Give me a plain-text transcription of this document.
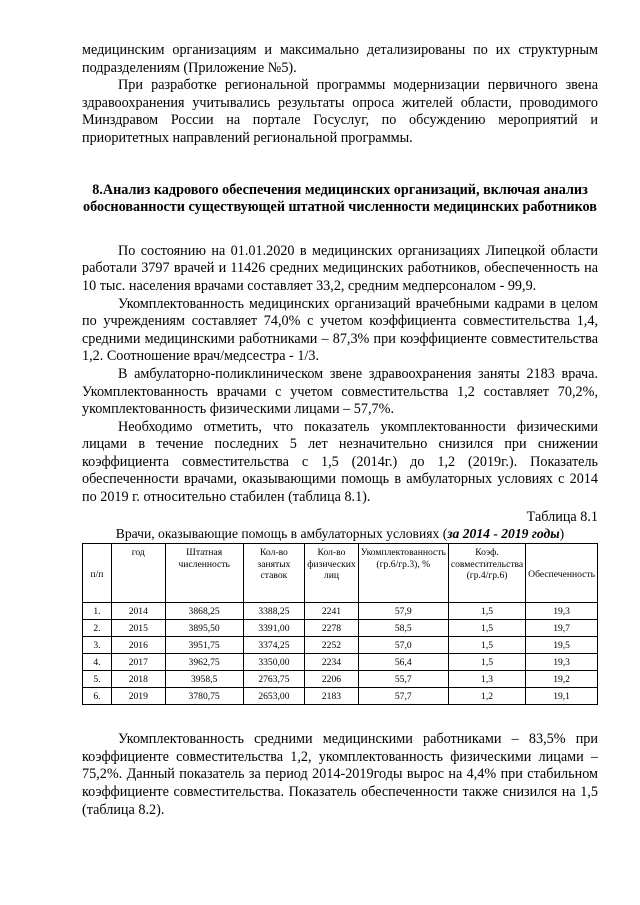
медицинским организациям и максимально детализированы по их структурным подразделениям (Приложение №5).

При разработке региональной программы модернизации первичного звена здравоохранения учитывались результаты опроса жителей области, проводимого Минздравом России на портале Госуслуг, по обсуждению мероприятий и приоритетных направлений региональной программы.

8.Анализ кадрового обеспечения медицинских организаций, включая анализ обоснованности существующей штатной численности медицинских работников

По состоянию на 01.01.2020 в медицинских организациях Липецкой области работали 3797 врачей и 11426 средних медицинских работников, обеспеченность на 10 тыс. населения врачами составляет 33,2, средним медперсоналом - 99,9.

Укомплектованность медицинских организаций врачебными кадрами в целом по учреждениям составляет 74,0% с учетом коэффициента совместительства 1,4, средними медицинскими работниками – 87,3% при коэффициенте совместительства 1,2. Соотношение врач/медсестра - 1/3.

В амбулаторно-поликлиническом звене здравоохранения заняты 2183 врача. Укомплектованность врачами с учетом совместительства 1,2 составляет 70,2%, укомплектованность физическими лицами – 57,7%.

Необходимо отметить, что показатель укомплектованности физическими лицами в течение последних 5 лет незначительно снизился при снижении коэффициента совместительства с 1,5 (2014г.) до 1,2 (2019г.). Показатель обеспеченности врачами, оказывающими помощь в амбулаторных условиях с 2014 по 2019 г. относительно стабилен (таблица 8.1).

Таблица 8.1
Врачи, оказывающие помощь в амбулаторных условиях (за 2014 - 2019 годы)
п/п	год	Штатная численность	Кол-во занятых ставок	Кол-во физических лиц	Укомплектованность (гр.6/гр.3), %	Коэф. совместительства (гр.4/гр.6)	Обеспеченность
1.	2014	3868,25	3388,25	2241	57,9	1,5	19,3
2.	2015	3895,50	3391,00	2278	58,5	1,5	19,7
3.	2016	3951,75	3374,25	2252	57,0	1,5	19,5
4.	2017	3962,75	3350,00	2234	56,4	1,5	19,3
5.	2018	3958,5	2763,75	2206	55,7	1,3	19,2
6.	2019	3780,75	2653,00	2183	57,7	1,2	19,1

Укомплектованность средними медицинскими работниками – 83,5% при коэффициенте совместительства 1,2, укомплектованность физическими лицами – 75,2%. Данный показатель за период 2014-2019годы вырос на 4,4% при стабильном коэффициенте совместительства. Показатель обеспеченности также снизился на 1,5 (таблица 8.2).
